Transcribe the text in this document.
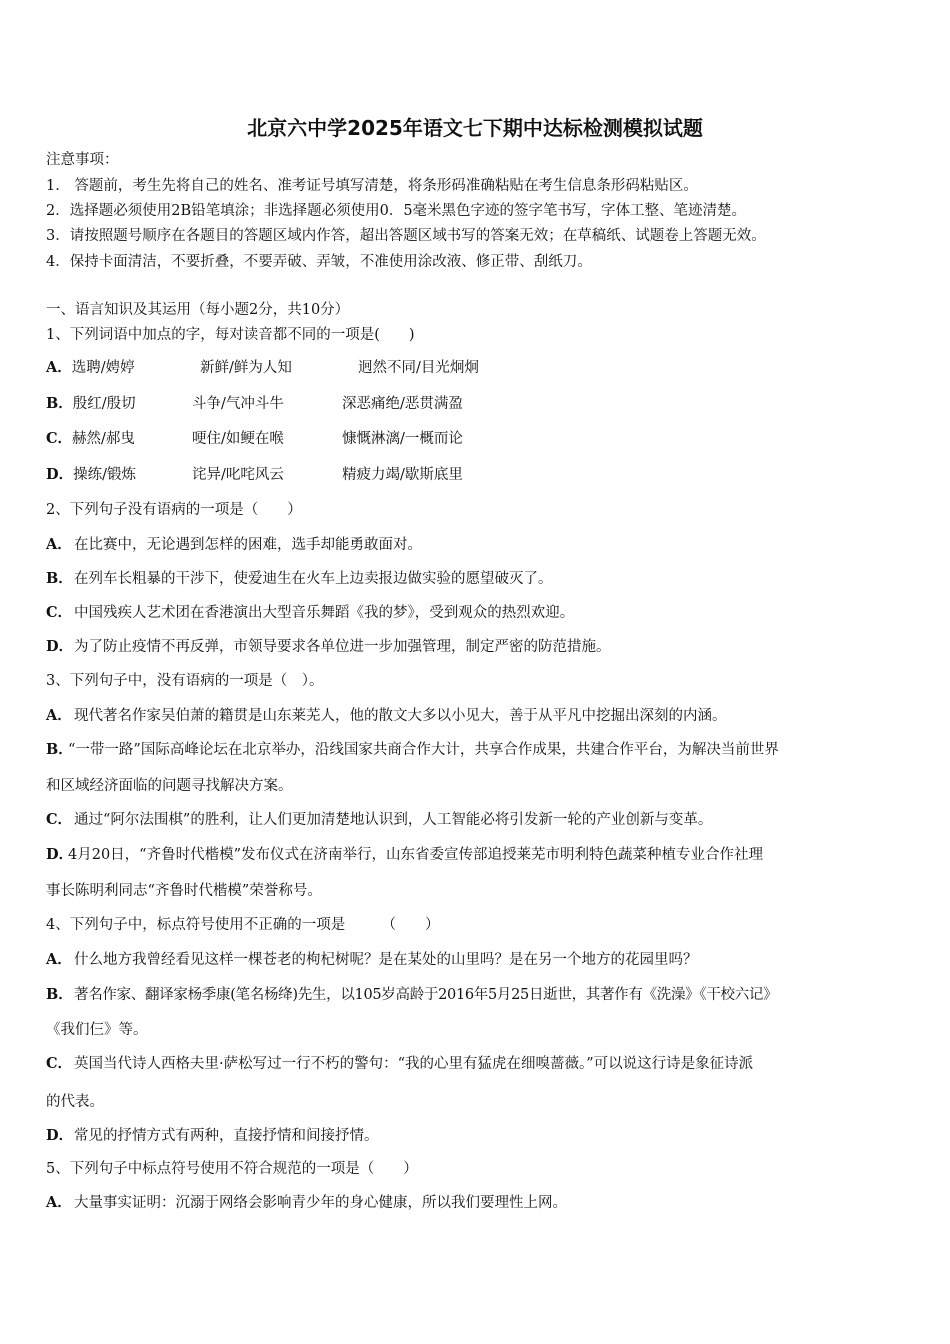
北京六中学2025年语文七下期中达标检测模拟试题
注意事项：
1． 答题前，考生先将自己的姓名、准考证号填写清楚，将条形码准确粘贴在考生信息条形码粘贴区。
2．选择题必须使用2B铅笔填涂；非选择题必须使用0．5毫米黑色字迹的签字笔书写，字体工整、笔迹清楚。
3．请按照题号顺序在各题目的答题区域内作答，超出答题区域书写的答案无效；在草稿纸、试题卷上答题无效。
4．保持卡面清洁，不要折叠，不要弄破、弄皱，不准使用涂改液、修正带、刮纸刀。
一、语言知识及其运用（每小题2分，共10分）
1、下列词语中加点的字，每对读音都不同的一项是(　　)
A．选聘/娉婷	新鲜/鲜为人知	迥然不同/目光炯炯
B．殷红/殷切	斗争/气冲斗牛	深恶痛绝/恶贯满盈
C．赫然/郝曳	哽住/如鲠在喉	慷慨淋漓/一概而论
D．操练/锻炼	诧异/叱咤风云	精疲力竭/歇斯底里
2、下列句子没有语病的一项是（　　）
A． 在比赛中，无论遇到怎样的困难，选手却能勇敢面对。
B．在列车长粗暴的干涉下，使爱迪生在火车上边卖报边做实验的愿望破灭了。
C． 中国残疾人艺术团在香港演出大型音乐舞蹈《我的梦》，受到观众的热烈欢迎。
D．为了防止疫情不再反弹，市领导要求各单位进一步加强管理，制定严密的防范措施。
3、下列句子中，没有语病的一项是（　）。
A． 现代著名作家吴伯萧的籍贯是山东莱芜人，他的散文大多以小见大，善于从平凡中挖掘出深刻的内涵。
B．“一带一路”国际高峰论坛在北京举办，沿线国家共商合作大计，共享合作成果，共建合作平台，为解决当前世界
和区域经济面临的问题寻找解决方案。
C． 通过“阿尔法围棋”的胜利，让人们更加清楚地认识到，人工智能必将引发新一轮的产业创新与变革。
D．4月20日，“齐鲁时代楷模”发布仪式在济南举行，山东省委宣传部追授莱芜市明利特色蔬菜种植专业合作社理
事长陈明利同志“齐鲁时代楷模”荣誉称号。
4、下列句子中，标点符号使用不正确的一项是　　　（　　）
A． 什么地方我曾经看见这样一棵苍老的枸杞树呢？是在某处的山里吗？是在另一个地方的花园里吗？
B．著名作家、翻译家杨季康(笔名杨绛)先生，以105岁高龄于2016年5月25日逝世，其著作有《洗澡》《干校六记》
《我们仨》等。
C． 英国当代诗人西格夫里·萨松写过一行不朽的警句：“我的心里有猛虎在细嗅蔷薇。”可以说这行诗是象征诗派
的代表。
D．常见的抒情方式有两种，直接抒情和间接抒情。
5、下列句子中标点符号使用不符合规范的一项是（　　）
A． 大量事实证明：沉溺于网络会影响青少年的身心健康，所以我们要理性上网。
